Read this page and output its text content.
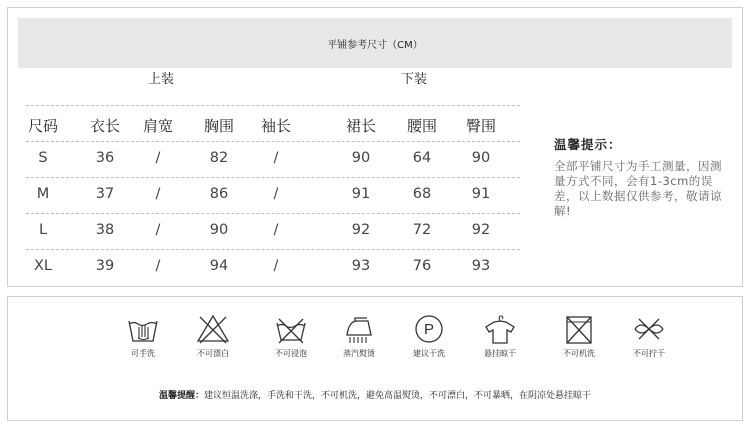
平铺参考尺寸（CM）
上装	下装
尺码	衣长	肩宽	胸围	袖长	裙长	腰围	臀围
S	36	/	82	/	90	64	90
M	37	/	86	/	91	68	91
L	38	/	90	/	92	72	92
XL	39	/	94	/	93	76	93
温馨提示：
全部平铺尺寸为手工测量，因测量方式不同，会有1-3cm的误差，以上数据仅供参考，敬请谅解!
可手洗	不可漂白	不可浸泡	蒸汽熨烫
P
建议干洗	悬挂晾干	不可机洗	不可拧干
温馨提醒：建议恒温洗涤，手洗和干洗，不可机洗，避免高温熨烫，不可漂白，不可暴晒，在阴凉处悬挂晾干
